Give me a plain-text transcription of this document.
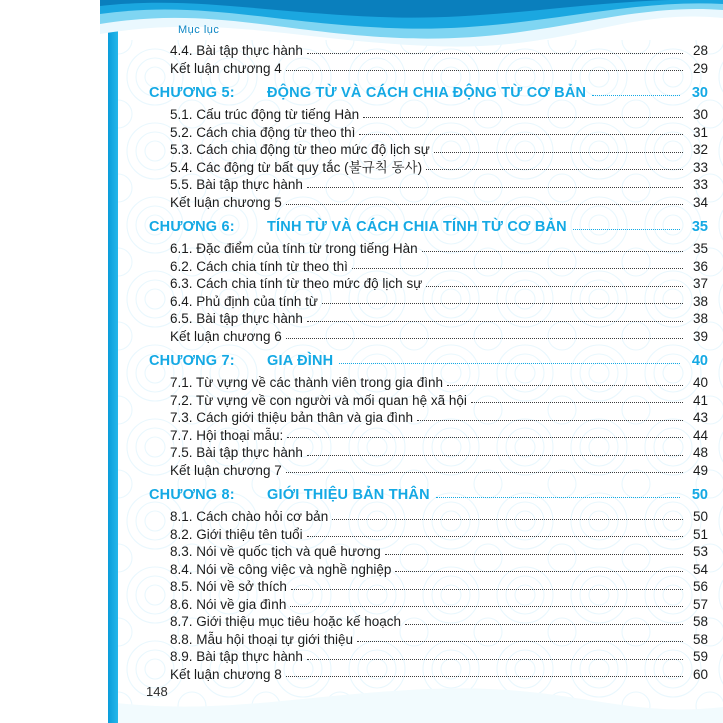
Mục lục
4.4. Bài tập thực hành	28
Kết luận chương 4	29
CHƯƠNG 5:	ĐỘNG TỪ VÀ CÁCH CHIA ĐỘNG TỪ CƠ BẢN	30
5.1. Cấu trúc động từ tiếng Hàn	30
5.2. Cách chia động từ theo thì	31
5.3. Cách chia động từ theo mức độ lịch sự	32
5.4. Các động từ bất quy tắc (불규칙 동사)	33
5.5. Bài tập thực hành	33
Kết luận chương 5	34
CHƯƠNG 6:	TÍNH TỪ VÀ CÁCH CHIA TÍNH TỪ CƠ BẢN	35
6.1. Đặc điểm của tính từ trong tiếng Hàn	35
6.2. Cách chia tính từ theo thì	36
6.3. Cách chia tính từ theo mức độ lịch sự	37
6.4. Phủ định của tính từ	38
6.5. Bài tập thực hành	38
Kết luận chương 6	39
CHƯƠNG 7:	GIA ĐÌNH	40
7.1. Từ vựng về các thành viên trong gia đình	40
7.2. Từ vựng về con người và mối quan hệ xã hội	41
7.3. Cách giới thiệu bản thân và gia đình	43
7.7. Hội thoại mẫu:	44
7.5. Bài tập thực hành	48
Kết luận chương 7	49
CHƯƠNG 8:	GIỚI THIỆU BẢN THÂN	50
8.1. Cách chào hỏi cơ bản	50
8.2. Giới thiệu tên tuổi	51
8.3. Nói về quốc tịch và quê hương	53
8.4. Nói về công việc và nghề nghiệp	54
8.5. Nói về sở thích	56
8.6. Nói về gia đình	57
8.7. Giới thiệu mục tiêu hoặc kế hoạch	58
8.8. Mẫu hội thoại tự giới thiệu	58
8.9. Bài tập thực hành	59
Kết luận chương 8	60
148
